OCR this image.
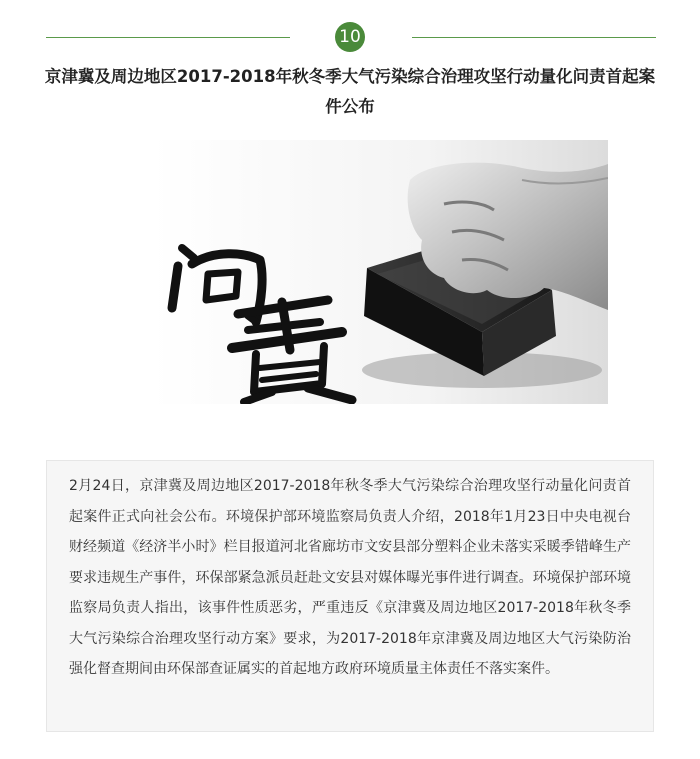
10
京津冀及周边地区2017-2018年秋冬季大气污染综合治理攻坚行动量化问责首起案件公布

2月24日，京津冀及周边地区2017-2018年秋冬季大气污染综合治理攻坚行动量化问责首起案件正式向社会公布。环境保护部环境监察局负责人介绍，2018年1月23日中央电视台财经频道《经济半小时》栏目报道河北省廊坊市文安县部分塑料企业未落实采暖季错峰生产要求违规生产事件，环保部紧急派员赶赴文安县对媒体曝光事件进行调查。环境保护部环境监察局负责人指出，该事件性质恶劣，严重违反《京津冀及周边地区2017-2018年秋冬季大气污染综合治理攻坚行动方案》要求，为2017-2018年京津冀及周边地区大气污染防治强化督查期间由环保部查证属实的首起地方政府环境质量主体责任不落实案件。
